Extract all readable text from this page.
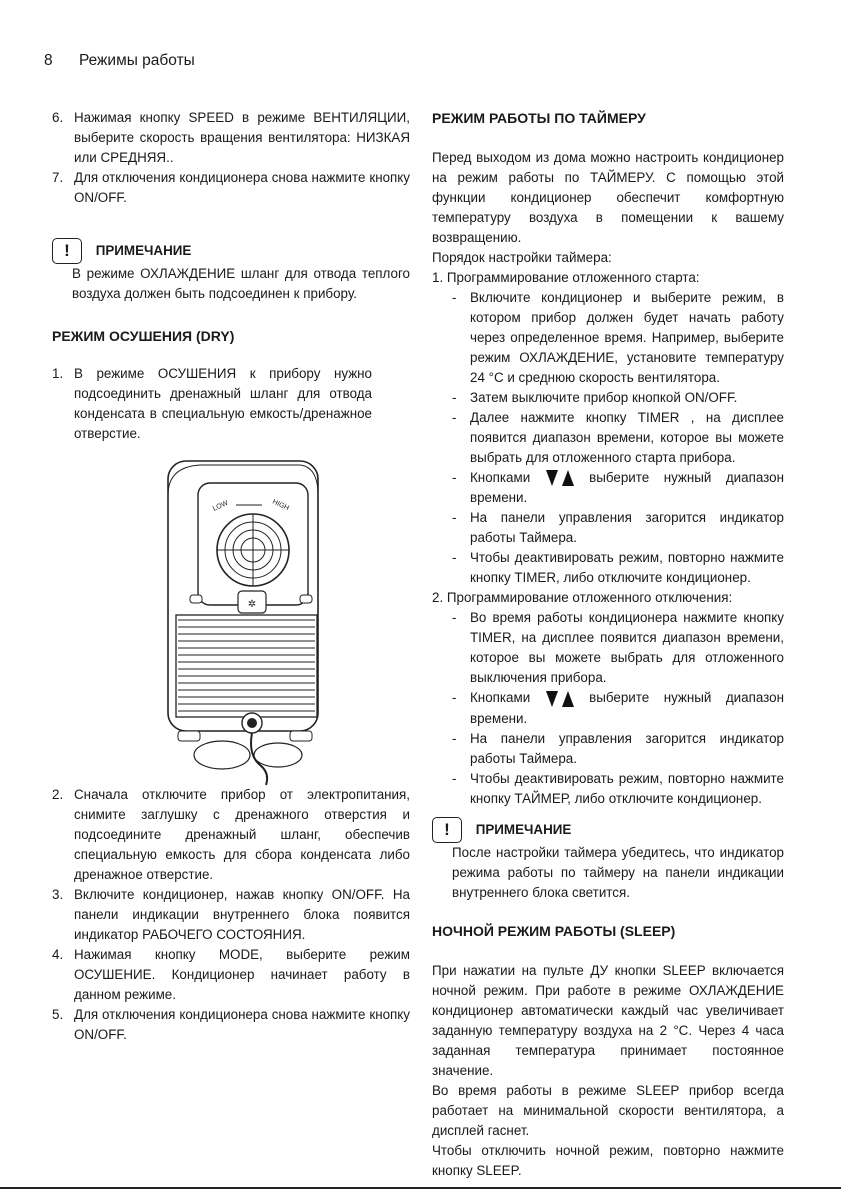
8 Режимы работы
6. Нажимая кнопку SPEED в режиме ВЕНТИЛЯЦИИ, выберите скорость вращения вентилятора: НИЗКАЯ или СРЕДНЯЯ..
7. Для отключения кондиционера снова нажмите кнопку ON/OFF.
! ПРИМЕЧАНИЕ

В режиме ОХЛАЖДЕНИЕ шланг для отвода теплого воздуха должен быть подсоединен к прибору.

РЕЖИМ ОСУШЕНИЯ (DRY)
1. В режиме ОСУШЕНИЯ к прибору нужно подсоединить дренажный шланг для отвода конденсата в специальную емкость/дренажное отверстие.
LOW	HIGH
✲
2. Сначала отключите прибор от электропитания, снимите заглушку с дренажного отверстия и подсоедините дренажный шланг, обеспечив специальную емкость для сбора конденсата либо дренажное отверстие.
3. Включите кондиционер, нажав кнопку ON/OFF. На панели индикации внутреннего блока появится индикатор РАБОЧЕГО СОСТОЯНИЯ.
4. Нажимая кнопку MODE, выберите режим ОСУШЕНИЕ. Кондиционер начинает работу в данном режиме.
5. Для отключения кондиционера снова нажмите кнопку ON/OFF.
РЕЖИМ РАБОТЫ ПО ТАЙМЕРУ

Перед выходом из дома можно настроить кондиционер на режим работы по ТАЙМЕРУ. С помощью этой функции кондиционер обеспечит комфортную температуру воздуха в помещении к вашему возвращению.

Порядок настройки таймера:

1. Программирование отложенного старта:

- Включите кондиционер и выберите режим, в котором прибор должен будет начать работу через определенное время. Например, выберите режим ОХЛАЖДЕНИЕ, установите температуру 24 °С и среднюю скорость вентилятора.
- Затем выключите прибор кнопкой ON/OFF.
- Далее нажмите кнопку TIMER , на дисплее появится диапазон времени, которое вы можете выбрать для отложенного старта прибора.
- Кнопками	выберите нужный диапазон времени.
- На панели управления загорится индикатор работы Таймера.
- Чтобы деактивировать режим, повторно нажмите кнопку TIMER, либо отключите кондиционер.

2. Программирование отложенного отключения:

- Во время работы кондиционера нажмите кнопку TIMER, на дисплее появится диапазон времени, которое вы можете выбрать для отложенного выключения прибора.
- Кнопками	выберите нужный диапазон времени.
- На панели управления загорится индикатор работы Таймера.
- Чтобы деактивировать режим, повторно нажмите кнопку ТАЙМЕР, либо отключите кондиционер.
! ПРИМЕЧАНИЕ

После настройки таймера убедитесь, что индикатор режима работы по таймеру на панели индикации внутреннего блока светится.

НОЧНОЙ РЕЖИМ РАБОТЫ (SLEEP)

При нажатии на пульте ДУ кнопки SLEEP включается ночной режим. При работе в режиме ОХЛАЖДЕНИЕ кондиционер автоматически каждый час увеличивает заданную температуру воздуха на 2 °С. Через 4 часа заданная температура принимает постоянное значение.

Во время работы в режиме SLEEP прибор всегда работает на минимальной скорости вентилятора, а дисплей гаснет.

Чтобы отключить ночной режим, повторно нажмите кнопку SLEEP.
